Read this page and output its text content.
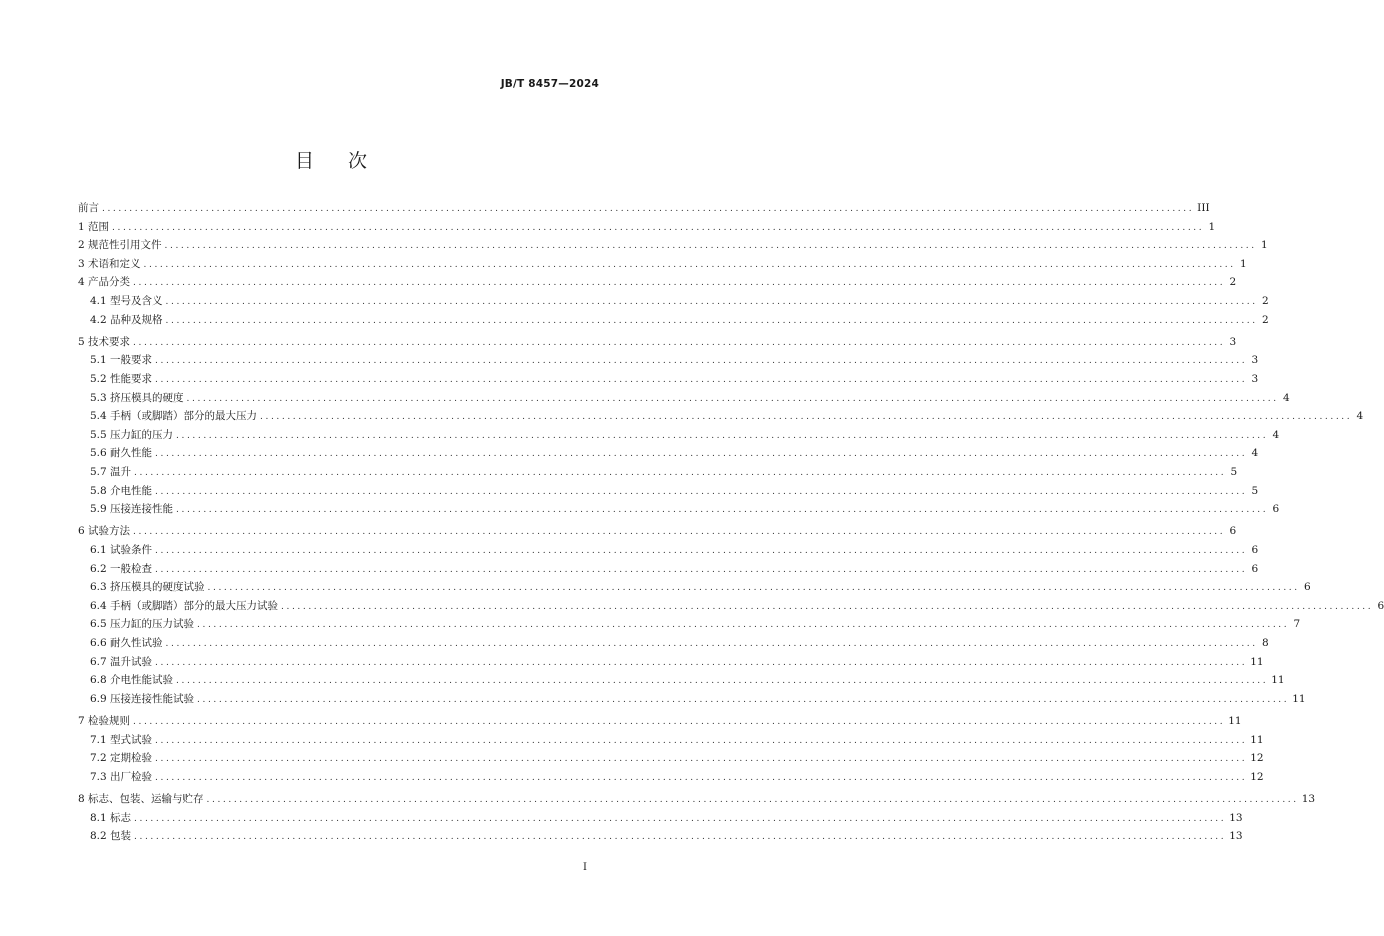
JB/T 8457—2024
目 次
前言 ........................................................................................................................................................................................................ III
1 范围 ........................................................................................................................................................................................................ 1
2 规范性引用文件 ........................................................................................................................................................................................................ 1
3 术语和定义 ........................................................................................................................................................................................................ 1
4 产品分类 ........................................................................................................................................................................................................ 2
4.1 型号及含义 ........................................................................................................................................................................................................ 2
4.2 品种及规格 ........................................................................................................................................................................................................ 2
5 技术要求 ........................................................................................................................................................................................................ 3
5.1 一般要求 ........................................................................................................................................................................................................ 3
5.2 性能要求 ........................................................................................................................................................................................................ 3
5.3 挤压模具的硬度 ........................................................................................................................................................................................................ 4
5.4 手柄（或脚踏）部分的最大压力 ........................................................................................................................................................................................................ 4
5.5 压力缸的压力 ........................................................................................................................................................................................................ 4
5.6 耐久性能 ........................................................................................................................................................................................................ 4
5.7 温升 ........................................................................................................................................................................................................ 5
5.8 介电性能 ........................................................................................................................................................................................................ 5
5.9 压接连接性能 ........................................................................................................................................................................................................ 6
6 试验方法 ........................................................................................................................................................................................................ 6
6.1 试验条件 ........................................................................................................................................................................................................ 6
6.2 一般检查 ........................................................................................................................................................................................................ 6
6.3 挤压模具的硬度试验 ........................................................................................................................................................................................................ 6
6.4 手柄（或脚踏）部分的最大压力试验 ........................................................................................................................................................................................................ 6
6.5 压力缸的压力试验 ........................................................................................................................................................................................................ 7
6.6 耐久性试验 ........................................................................................................................................................................................................ 8
6.7 温升试验 ........................................................................................................................................................................................................ 11
6.8 介电性能试验 ........................................................................................................................................................................................................ 11
6.9 压接连接性能试验 ........................................................................................................................................................................................................ 11
7 检验规则 ........................................................................................................................................................................................................ 11
7.1 型式试验 ........................................................................................................................................................................................................ 11
7.2 定期检验 ........................................................................................................................................................................................................ 12
7.3 出厂检验 ........................................................................................................................................................................................................ 12
8 标志、包装、运输与贮存 ........................................................................................................................................................................................................ 13
8.1 标志 ........................................................................................................................................................................................................ 13
8.2 包装 ........................................................................................................................................................................................................ 13
I
